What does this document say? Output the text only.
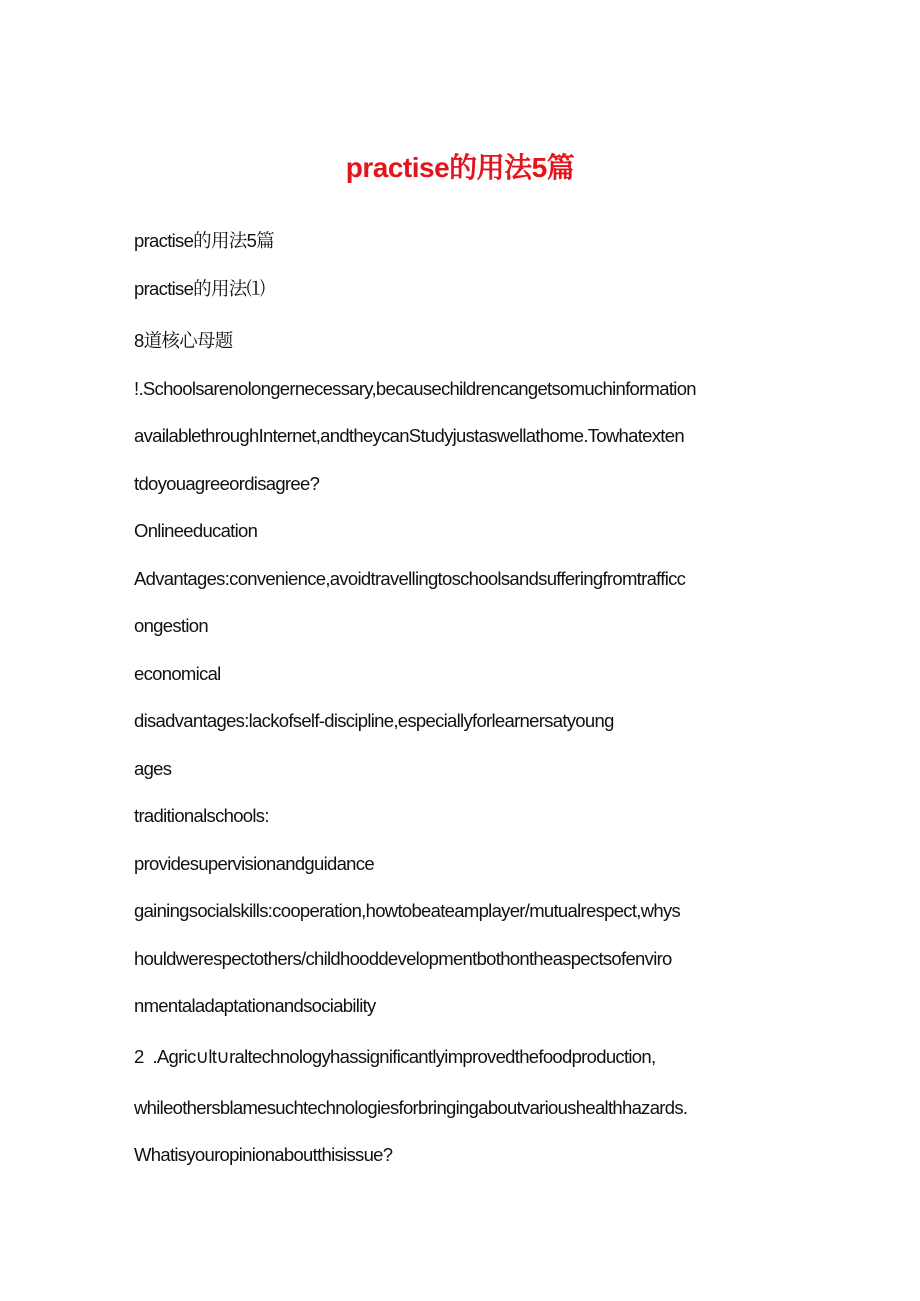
practise的用法5篇
practise的用法5篇
practise的用法⑴
8道核心母题
!.Schoolsarenolongernecessary,becausechildrencangetsomuchinformation
availablethroughInternet,andtheycanStudyjustaswellathome.Towhatexten
tdoyouagreeordisagree?
Onlineeducation
Advantages:convenience,avoidtravellingtoschoolsandsufferingfromtrafficc
ongestion
economical
disadvantages:lackofself-discipline,especiallyforlearnersatyoung
ages
traditionalschools:
providesupervisionandguidance
gainingsocialskills:cooperation,howtobeateamplayer/mutualrespect,whys
houldwerespectothers/childhooddevelopmentbothontheaspectsofenviro
nmentaladaptationandsociability
2  .Agric∪lt∪raltechnologyhassignificantlyimprovedthefoodproduction,
whileothersblamesuchtechnologiesforbringingaboutvarioushealthhazards.
Whatisyouropinionaboutthisissue?
